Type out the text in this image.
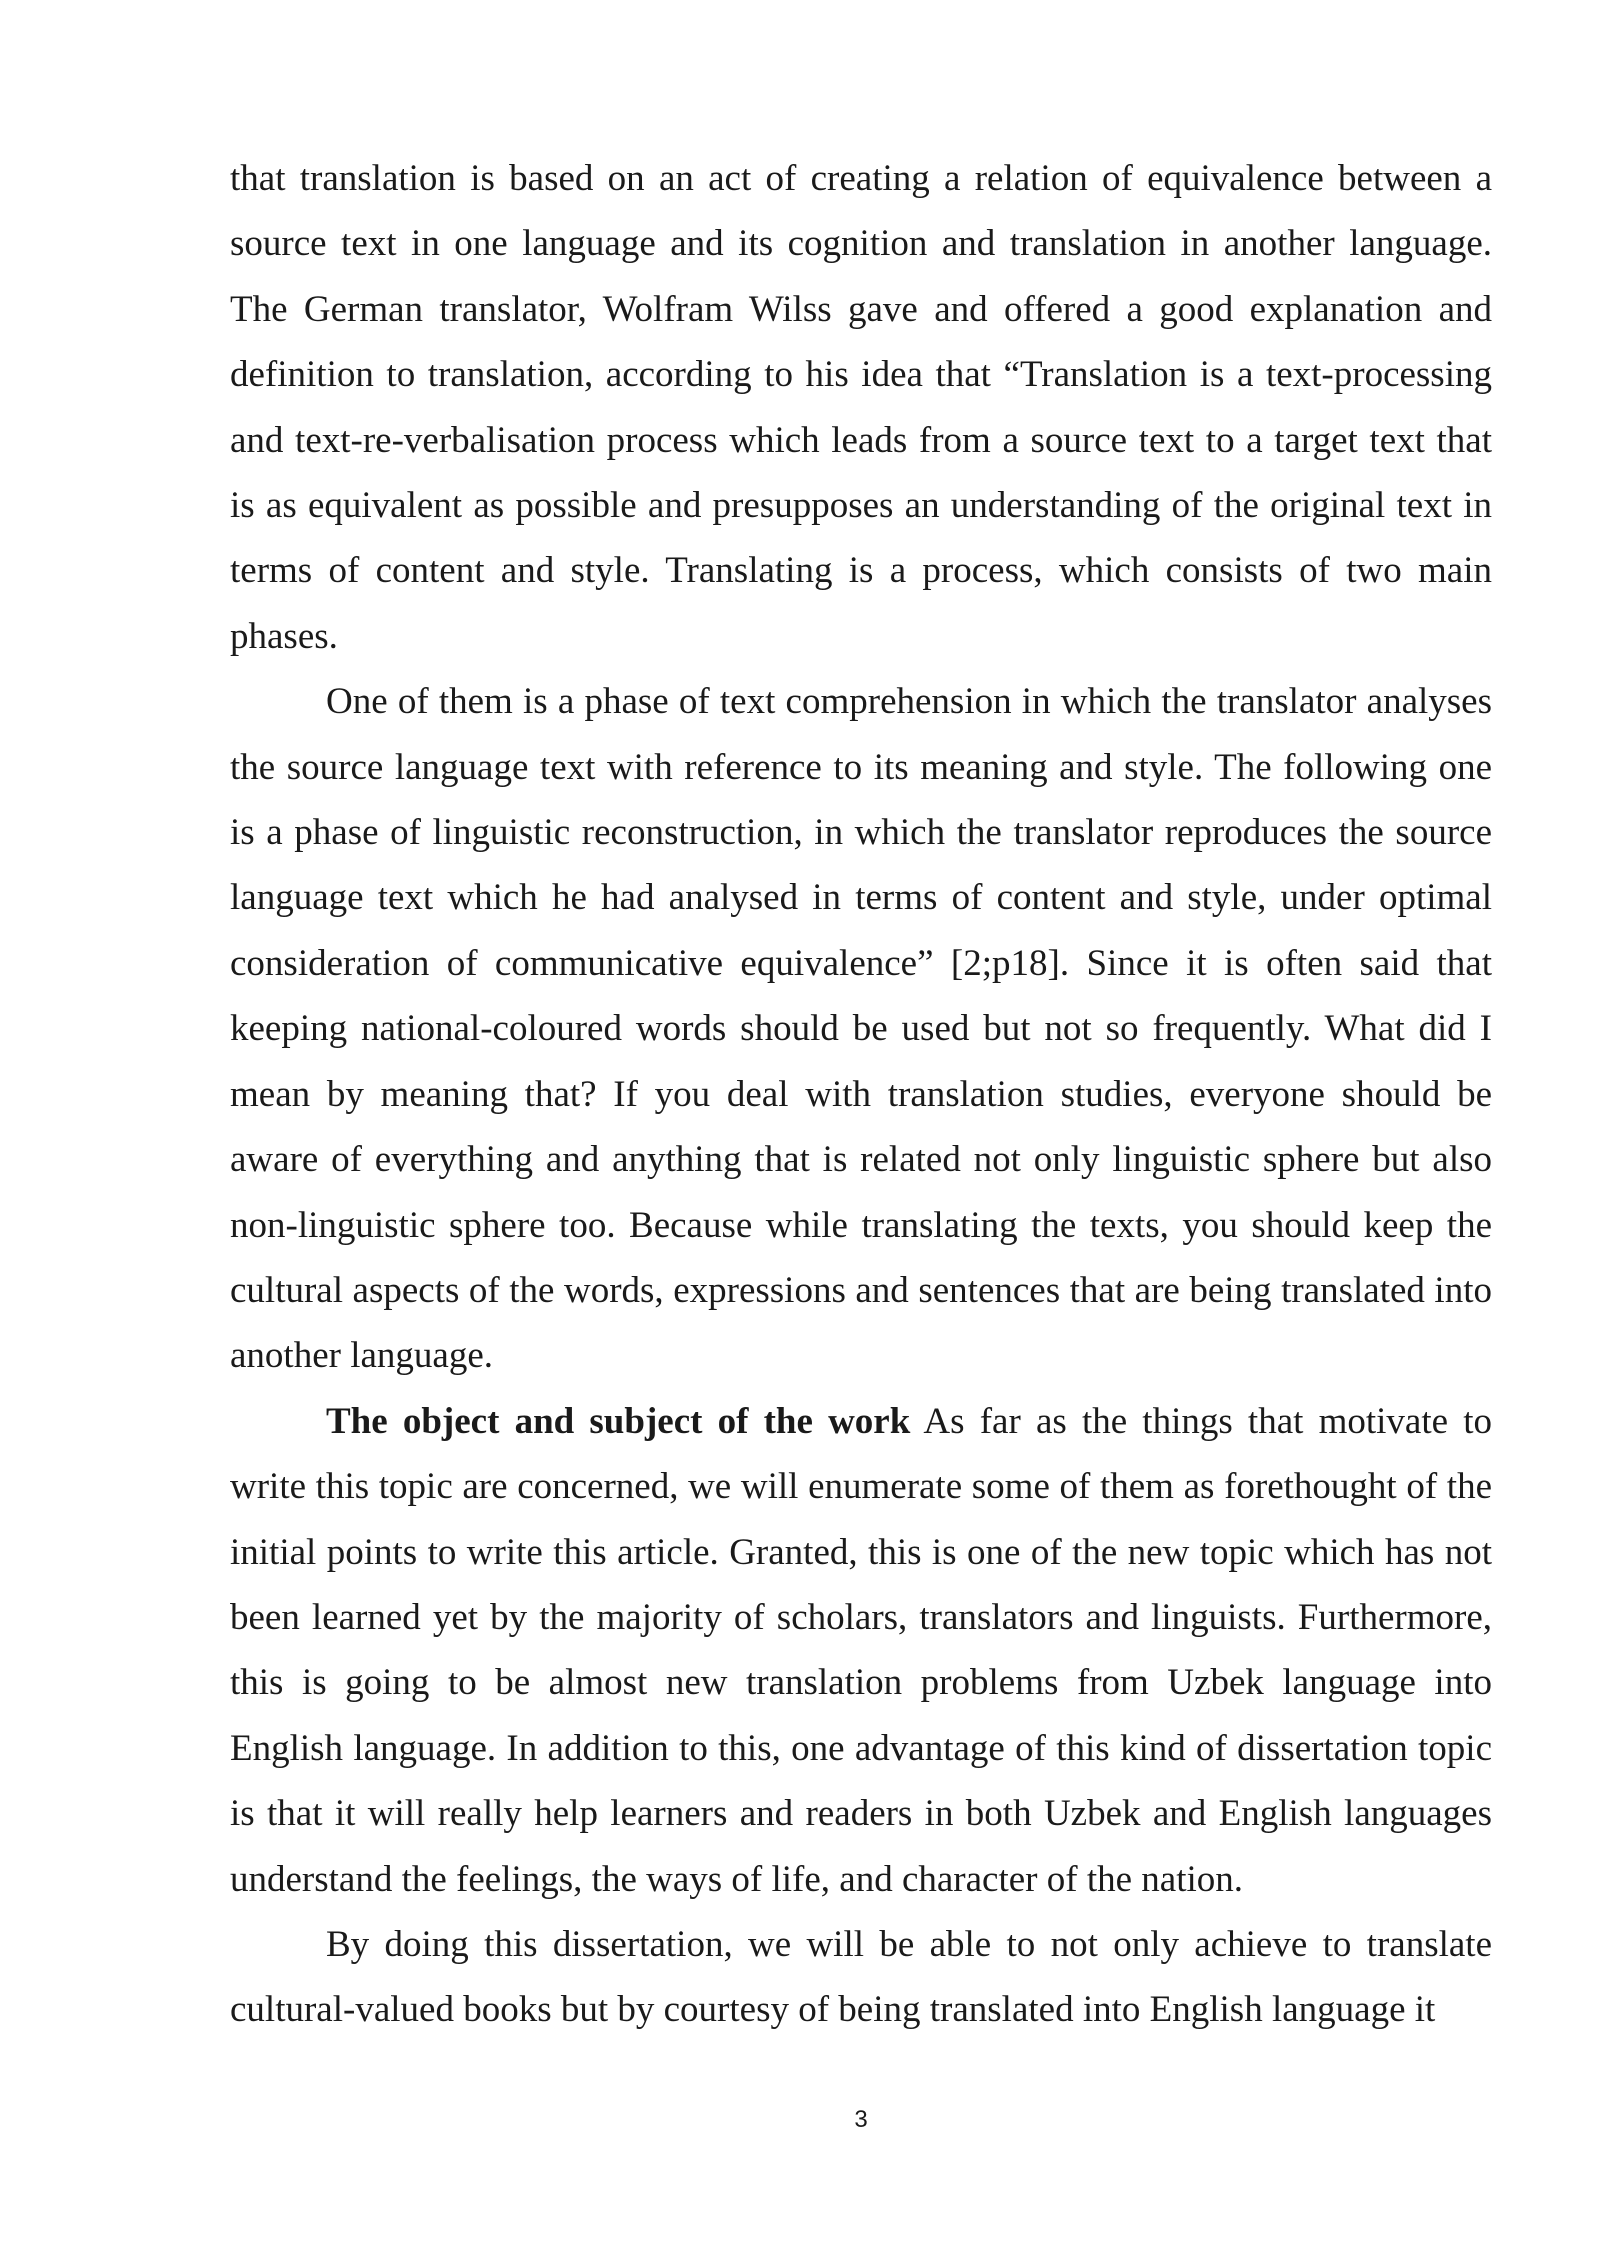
that translation is based on an act of creating a relation of equivalence between a source text in one language and its cognition and translation in another language. The German translator, Wolfram Wilss gave and offered a good explanation and definition to translation, according to his idea that “Translation is a text-processing and text-re-verbalisation process which leads from a source text to a target text that is as equivalent as possible and presupposes an understanding of the original text in terms of content and style. Translating is a process, which consists of two main phases.

One of them is a phase of text comprehension in which the translator analyses the source language text with reference to its meaning and style. The following one is a phase of linguistic reconstruction, in which the translator reproduces the source language text which he had analysed in terms of content and style, under optimal consideration of communicative equivalence” [2;p18]. Since it is often said that keeping national-coloured words should be used but not so frequently. What did I mean by meaning that? If you deal with translation studies, everyone should be aware of everything and anything that is related not only linguistic sphere but also non-linguistic sphere too. Because while translating the texts, you should keep the cultural aspects of the words, expressions and sentences that are being translated into another language.

The object and subject of the work As far as the things that motivate to write this topic are concerned, we will enumerate some of them as forethought of the initial points to write this article. Granted, this is one of the new topic which has not been learned yet by the majority of scholars, translators and linguists. Furthermore, this is going to be almost new translation problems from Uzbek language into English language. In addition to this, one advantage of this kind of dissertation topic is that it will really help learners and readers in both Uzbek and English languages understand the feelings, the ways of life, and character of the nation.

By doing this dissertation, we will be able to not only achieve to translate cultural-valued books but by courtesy of being translated into English language it

3
